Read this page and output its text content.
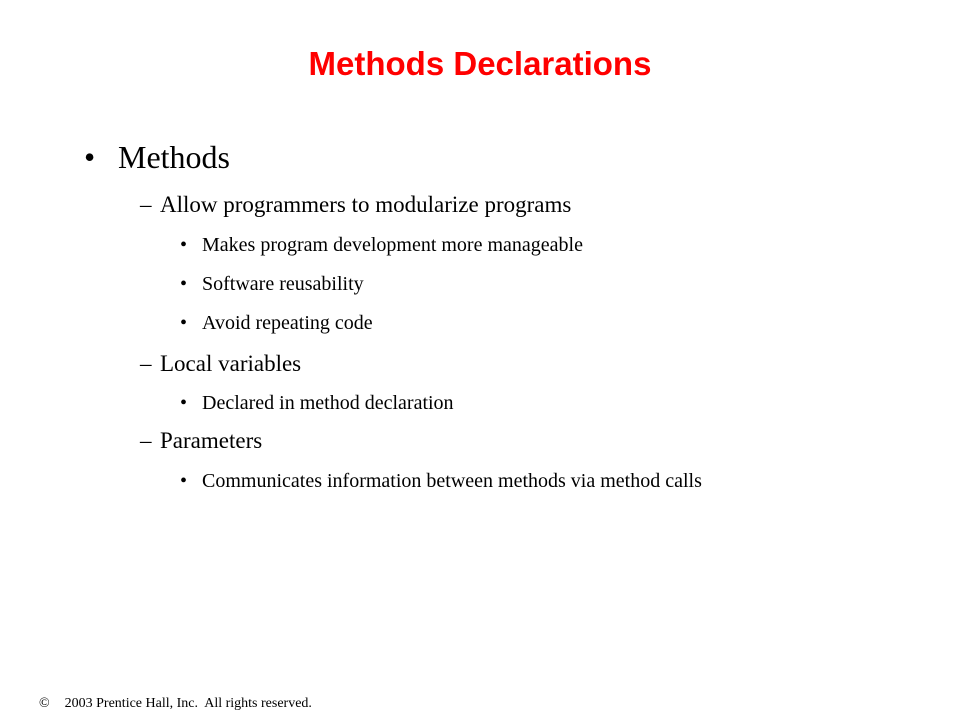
Methods Declarations
• Methods
– Allow programmers to modularize programs
• Makes program development more manageable
• Software reusability
• Avoid repeating code
– Local variables
• Declared in method declaration
– Parameters
• Communicates information between methods via method calls
© 2003 Prentice Hall, Inc.  All rights reserved.
